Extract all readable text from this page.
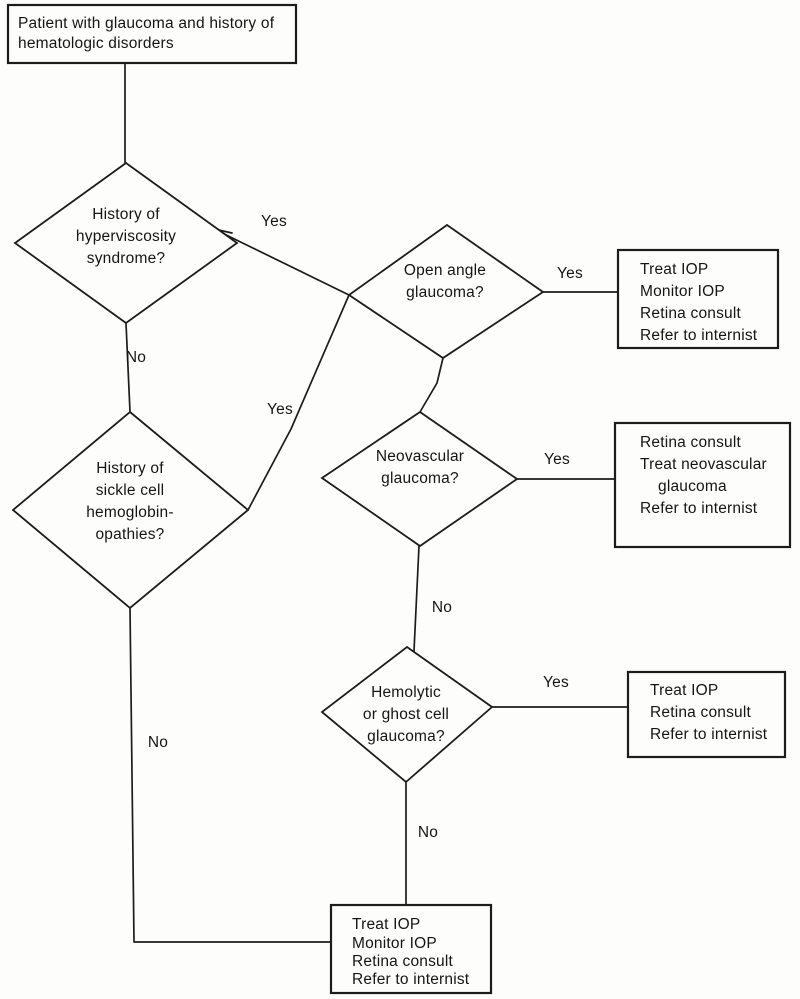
Patient with glaucoma and history of
hematologic disorders
History of
hyperviscosity
syndrome?
History of
sickle cell
hemoglobin-
opathies?
Open angle
glaucoma?
Neovascular
glaucoma?
Hemolytic
or ghost cell
glaucoma?
Treat IOP
Monitor IOP
Retina consult
Refer to internist
Retina consult
Treat neovascular
glaucoma
Refer to internist
Treat IOP
Retina consult
Refer to internist
Treat IOP
Monitor IOP
Retina consult
Refer to internist
Yes
No
Yes
No
Yes
Yes
No
Yes
No
